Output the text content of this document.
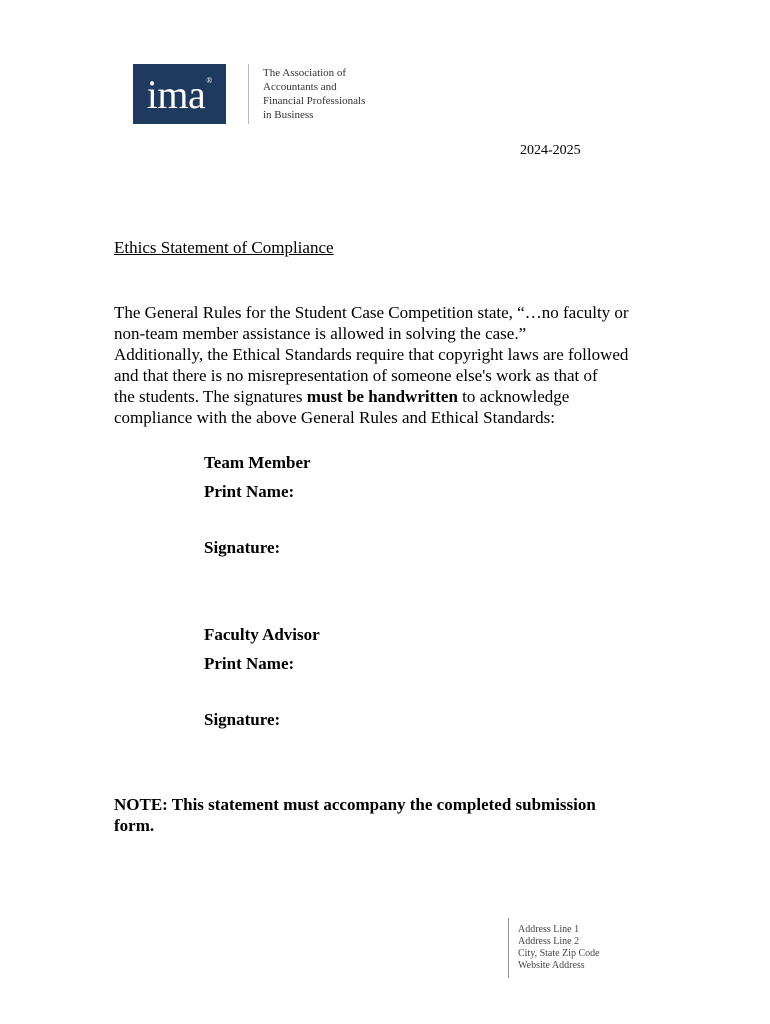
ima ®
The Association of
Accountants and
Financial Professionals
in Business
2024-2025
Ethics Statement of Compliance
The General Rules for the Student Case Competition state, “…no faculty or
non-team member assistance is allowed in solving the case.”
Additionally, the Ethical Standards require that copyright laws are followed
and that there is no misrepresentation of someone else's work as that of
the students. The signatures must be handwritten to acknowledge
compliance with the above General Rules and Ethical Standards:
Team Member
Print Name:
Signature:
Faculty Advisor
Print Name:
Signature:
NOTE: This statement must accompany the completed submission
form.
Address Line 1
Address Line 2
City, State Zip Code
Website Address
